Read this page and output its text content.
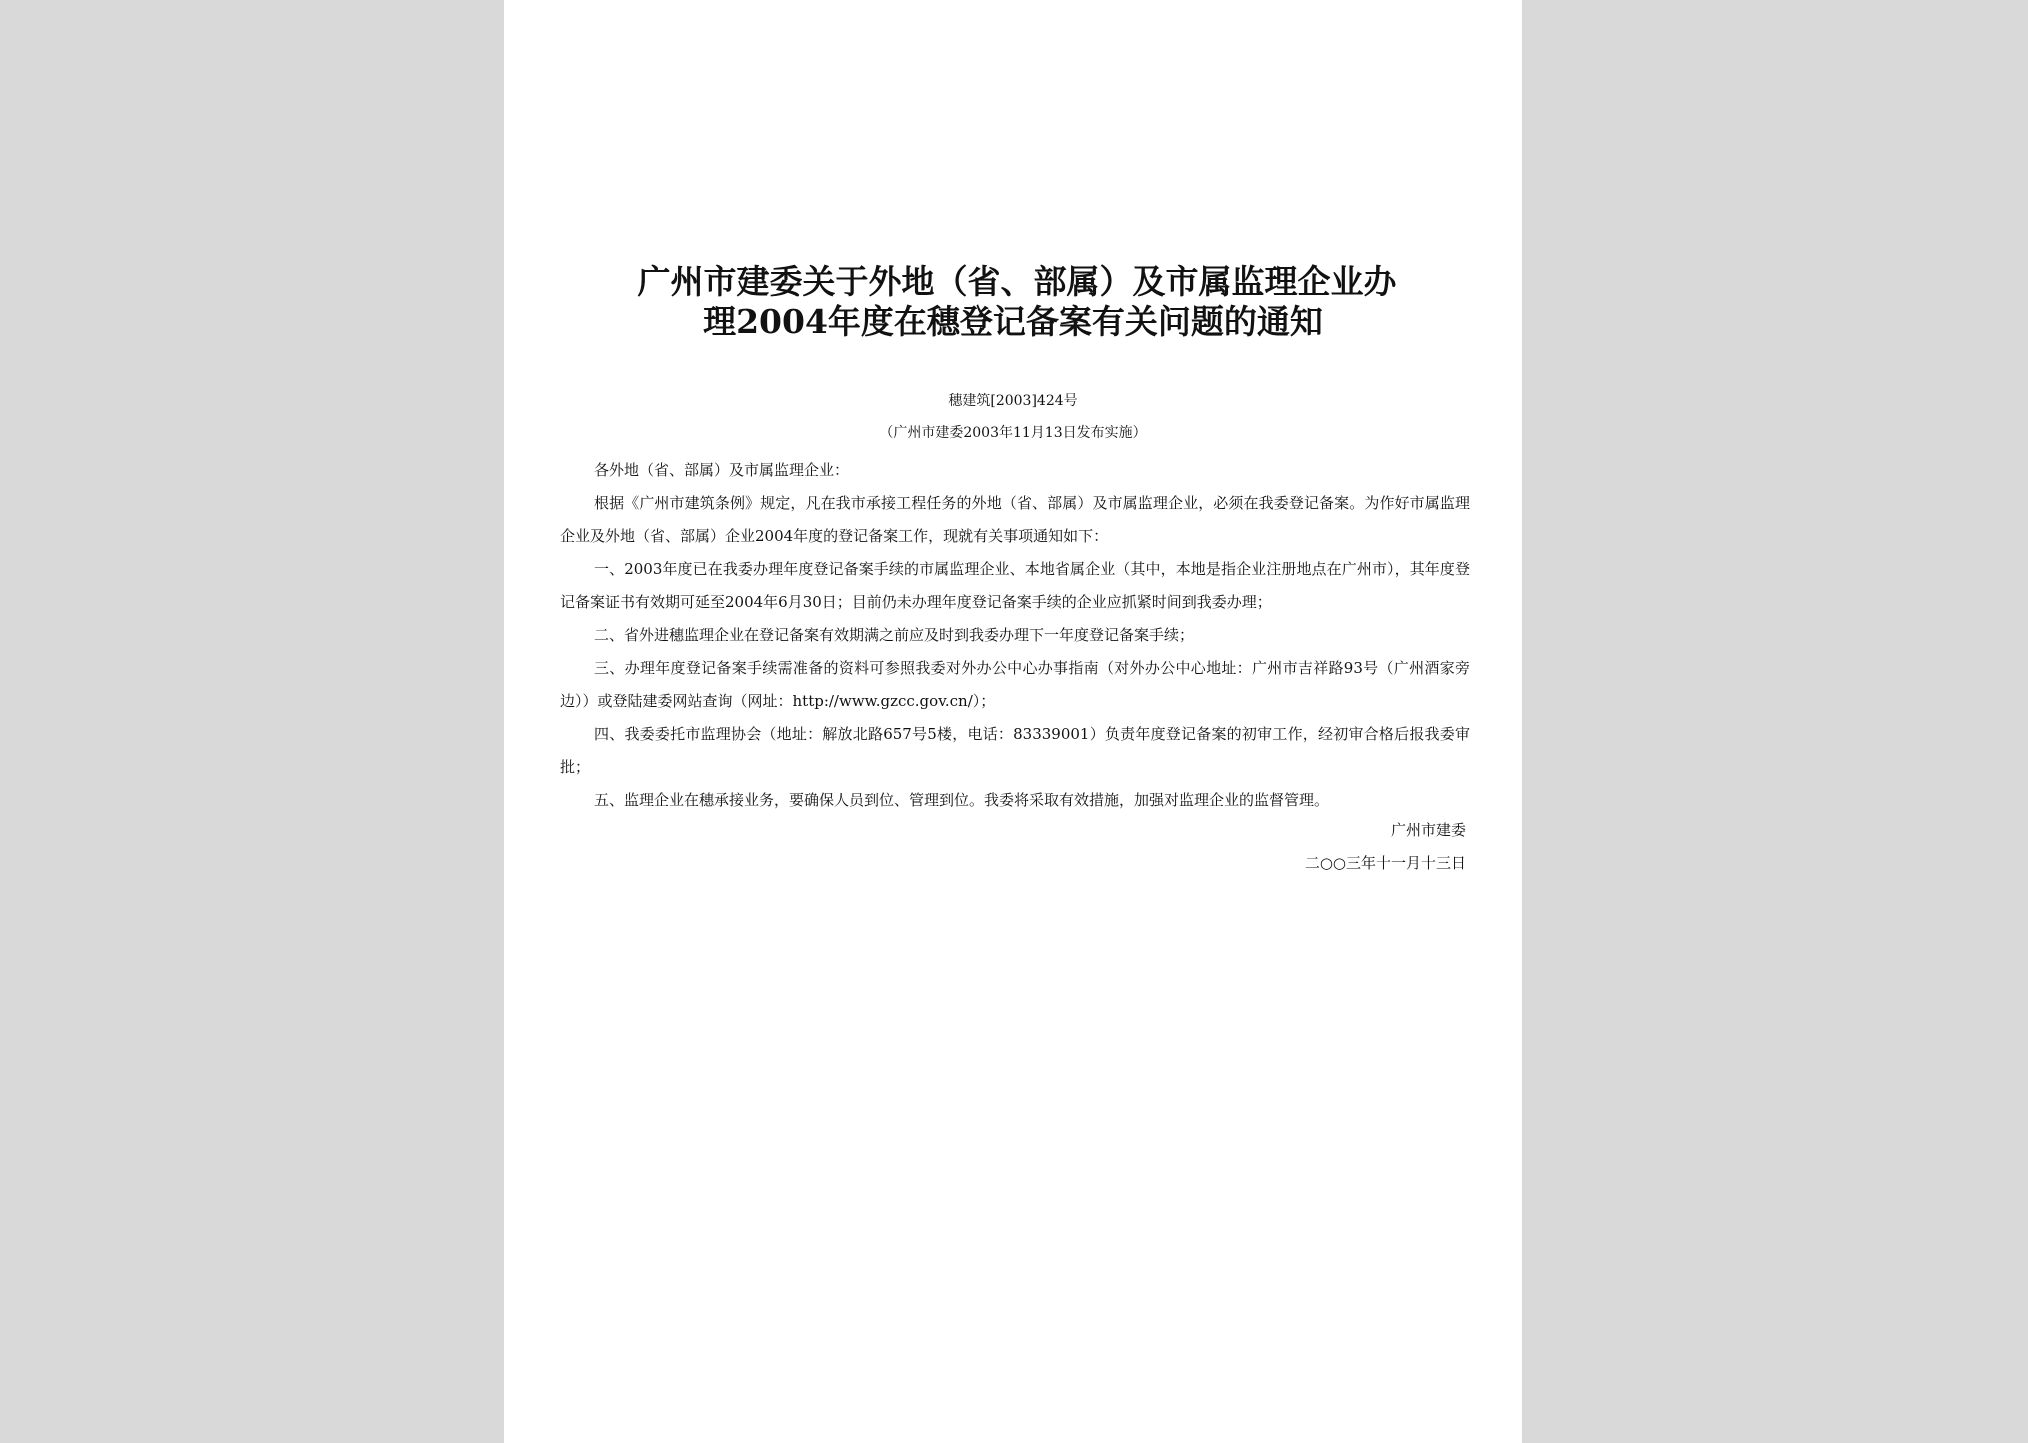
广州市建委关于外地（省、部属）及市属监理企业办
理2004年度在穗登记备案有关问题的通知
穗建筑[2003]424号
（广州市建委2003年11月13日发布实施）

各外地（省、部属）及市属监理企业：

根据《广州市建筑条例》规定，凡在我市承接工程任务的外地（省、部属）及市属监理企业，必须在我委登记备案。为作好市属监理企业及外地（省、部属）企业2004年度的登记备案工作，现就有关事项通知如下：

一、2003年度已在我委办理年度登记备案手续的市属监理企业、本地省属企业（其中，本地是指企业注册地点在广州市），其年度登记备案证书有效期可延至2004年6月30日；目前仍未办理年度登记备案手续的企业应抓紧时间到我委办理；

二、省外进穗监理企业在登记备案有效期满之前应及时到我委办理下一年度登记备案手续；

三、办理年度登记备案手续需准备的资料可参照我委对外办公中心办事指南（对外办公中心地址：广州市吉祥路93号（广州酒家旁边））或登陆建委网站查询（网址：http://www.gzcc.gov.cn/）；

四、我委委托市监理协会（地址：解放北路657号5楼，电话：83339001）负责年度登记备案的初审工作，经初审合格后报我委审批；

五、监理企业在穗承接业务，要确保人员到位、管理到位。我委将采取有效措施，加强对监理企业的监督管理。

广州市建委
二○○三年十一月十三日
